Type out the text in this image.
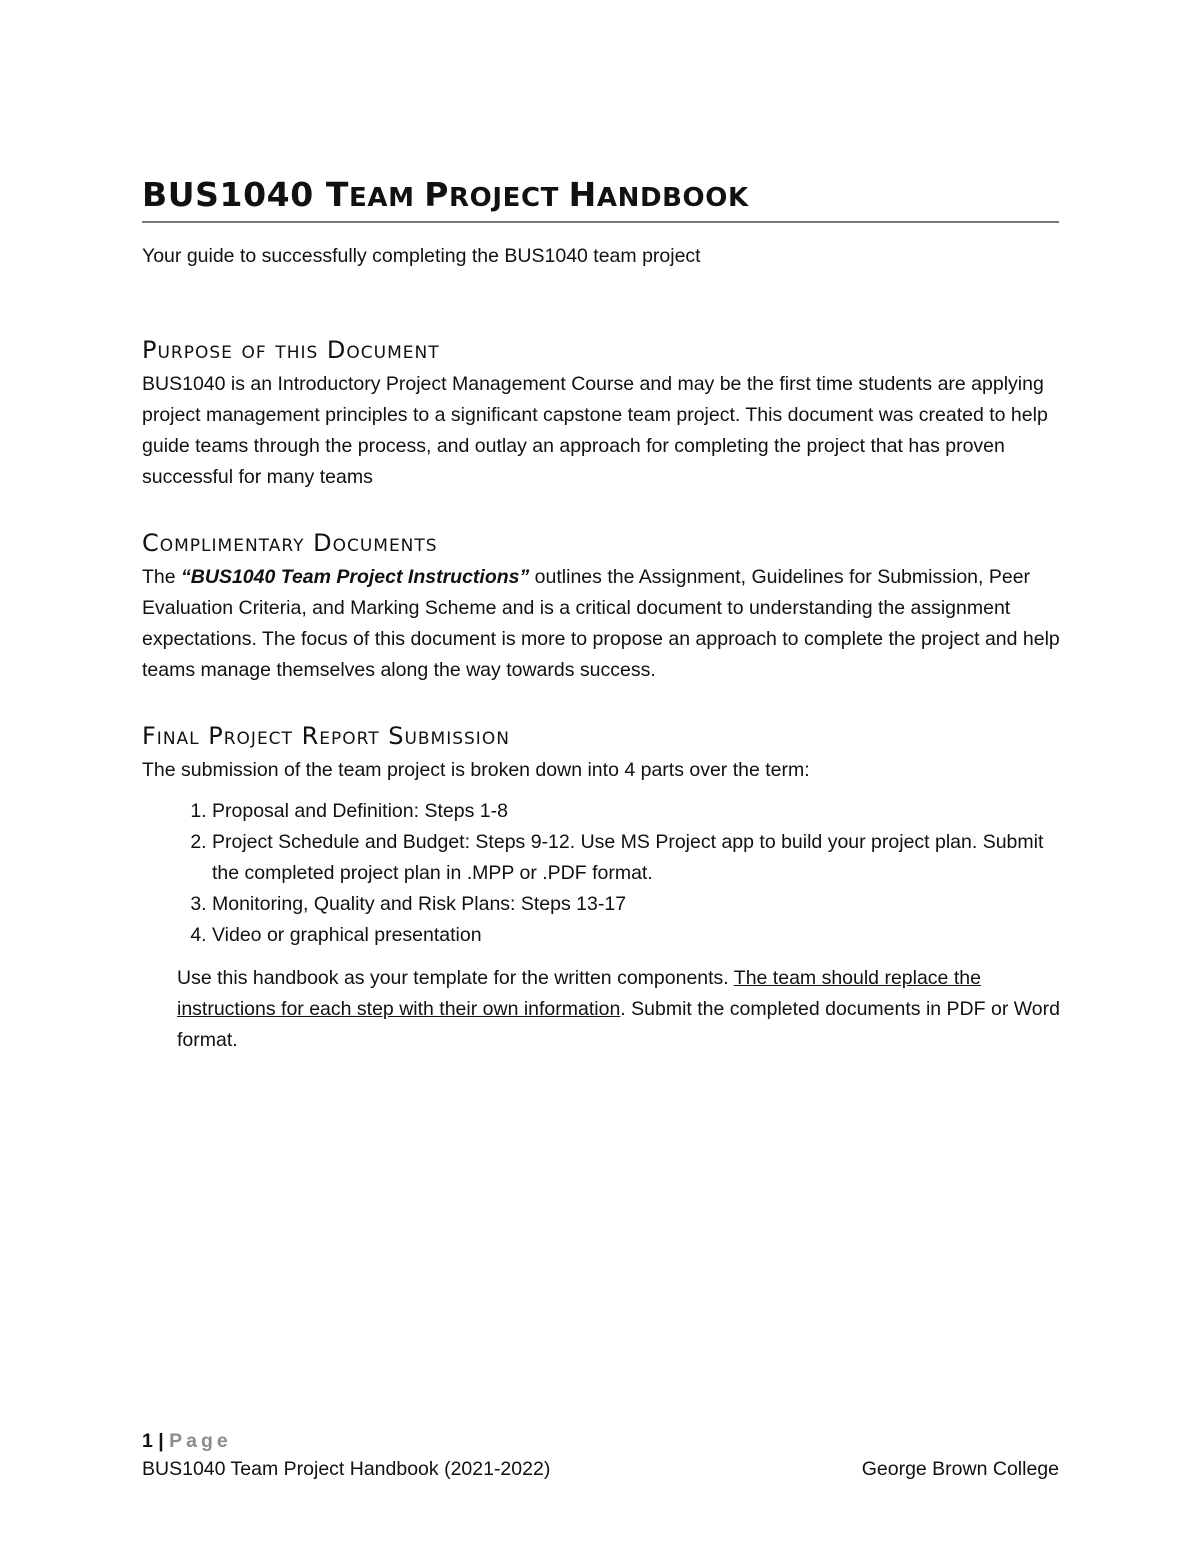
BUS1040 TEAM PROJECT HANDBOOK

Your guide to successfully completing the BUS1040 team project

Purpose of this Document

BUS1040 is an Introductory Project Management Course and may be the first time students are applying project management principles to a significant capstone team project. This document was created to help guide teams through the process, and outlay an approach for completing the project that has proven successful for many teams

Complimentary Documents

The “BUS1040 Team Project Instructions” outlines the Assignment, Guidelines for Submission, Peer Evaluation Criteria, and Marking Scheme and is a critical document to understanding the assignment expectations. The focus of this document is more to propose an approach to complete the project and help teams manage themselves along the way towards success.

Final Project Report Submission

The submission of the team project is broken down into 4 parts over the term:

1. Proposal and Definition: Steps 1-8
2. Project Schedule and Budget: Steps 9-12. Use MS Project app to build your project plan. Submit the completed project plan in .MPP or .PDF format.
3. Monitoring, Quality and Risk Plans: Steps 13-17
4. Video or graphical presentation

Use this handbook as your template for the written components. The team should replace the instructions for each step with their own information. Submit the completed documents in PDF or Word format.

1 | Page
BUS1040 Team Project Handbook (2021-2022)	George Brown College
